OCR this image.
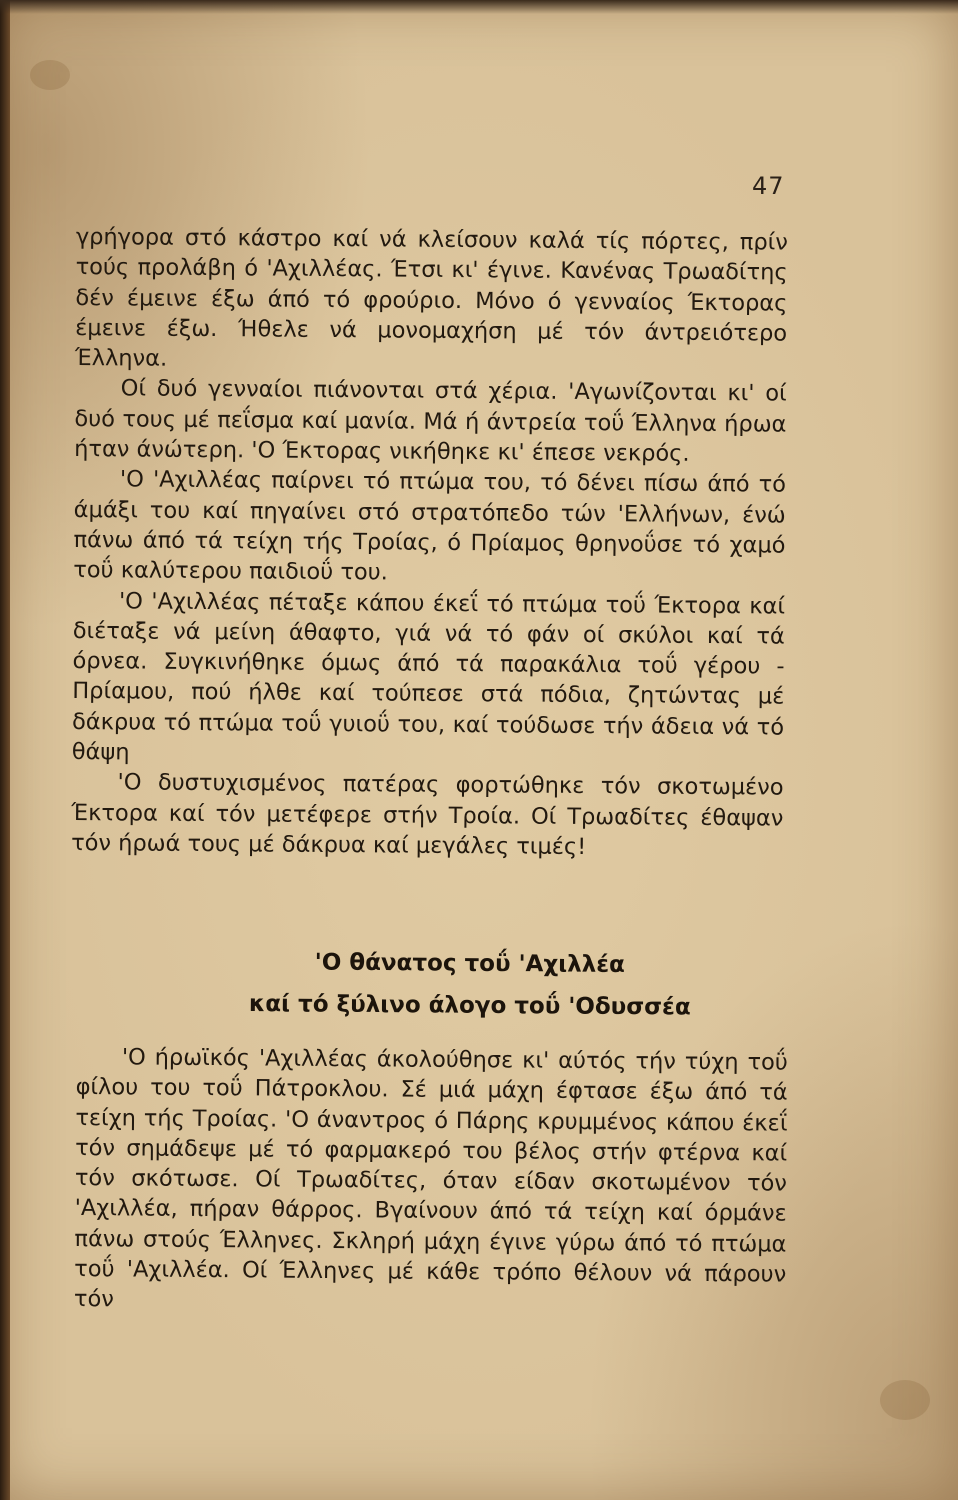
47

γρήγορα στό κάστρο καί νά κλείσουν καλά τίς πόρτες, πρίν τούς προλάβη ό 'Αχιλλέας. Έτσι κι' έγινε. Κανένας Τρωαδίτης δέν έμεινε έξω άπό τό φρούριο. Μόνο ό γενναίος Έκτορας έμεινε έξω. Ήθελε νά μονομαχήση μέ τόν άντρειότερο Έλληνα.

Οί δυό γενναίοι πιάνονται στά χέρια. 'Αγωνίζονται κι' οί δυό τους μέ πεΐσμα καί μανία. Μά ή άντρεία τοΰ Έλληνα ήρωα ήταν άνώτερη. 'Ο Έκτορας νικήθηκε κι' έπεσε νεκρός.

'Ο 'Αχιλλέας παίρνει τό πτώμα του, τό δένει πίσω άπό τό άμάξι του καί πηγαίνει στό στρατόπεδο τών 'Ελλήνων, ένώ πάνω άπό τά τείχη τής Τροίας, ό Πρίαμος θρηνοΰσε τό χαμό τοΰ καλύτερου παιδιοΰ του.

'Ο 'Αχιλλέας πέταξε κάπου έκεΐ τό πτώμα τοΰ Έκτορα καί διέταξε νά μείνη άθαφτο, γιά νά τό φάν οί σκύλοι καί τά όρνεα. Συγκινήθηκε όμως άπό τά παρακάλια τοΰ γέρου - Πρίαμου, πού ήλθε καί τούπεσε στά πόδια, ζητώντας μέ δάκρυα τό πτώμα τοΰ γυιοΰ του, καί τούδωσε τήν άδεια νά τό θάψη

'Ο δυστυχισμένος πατέρας φορτώθηκε τόν σκοτωμένο Έκτορα καί τόν μετέφερε στήν Τροία. Οί Τρωαδίτες έθαψαν τόν ήρωά τους μέ δάκρυα καί μεγάλες τιμές!

'Ο θάνατος τοΰ 'Αχιλλέα
καί τό ξύλινο άλογο τοΰ 'Οδυσσέα

'Ο ήρωϊκός 'Αχιλλέας άκολούθησε κι' αύτός τήν τύχη τοΰ φίλου του τοΰ Πάτροκλου. Σέ μιά μάχη έφτασε έξω άπό τά τείχη τής Τροίας. 'Ο άναντρος ό Πάρης κρυμμένος κάπου έκεΐ τόν σημάδεψε μέ τό φαρμακερό του βέλος στήν φτέρνα καί τόν σκότωσε. Οί Τρωαδίτες, όταν είδαν σκοτωμένον τόν 'Αχιλλέα, πήραν θάρρος. Βγαίνουν άπό τά τείχη καί όρμάνε πάνω στούς Έλληνες. Σκληρή μάχη έγινε γύρω άπό τό πτώμα τοΰ 'Αχιλλέα. Οί Έλληνες μέ κάθε τρόπο θέλουν νά πάρουν τόν
